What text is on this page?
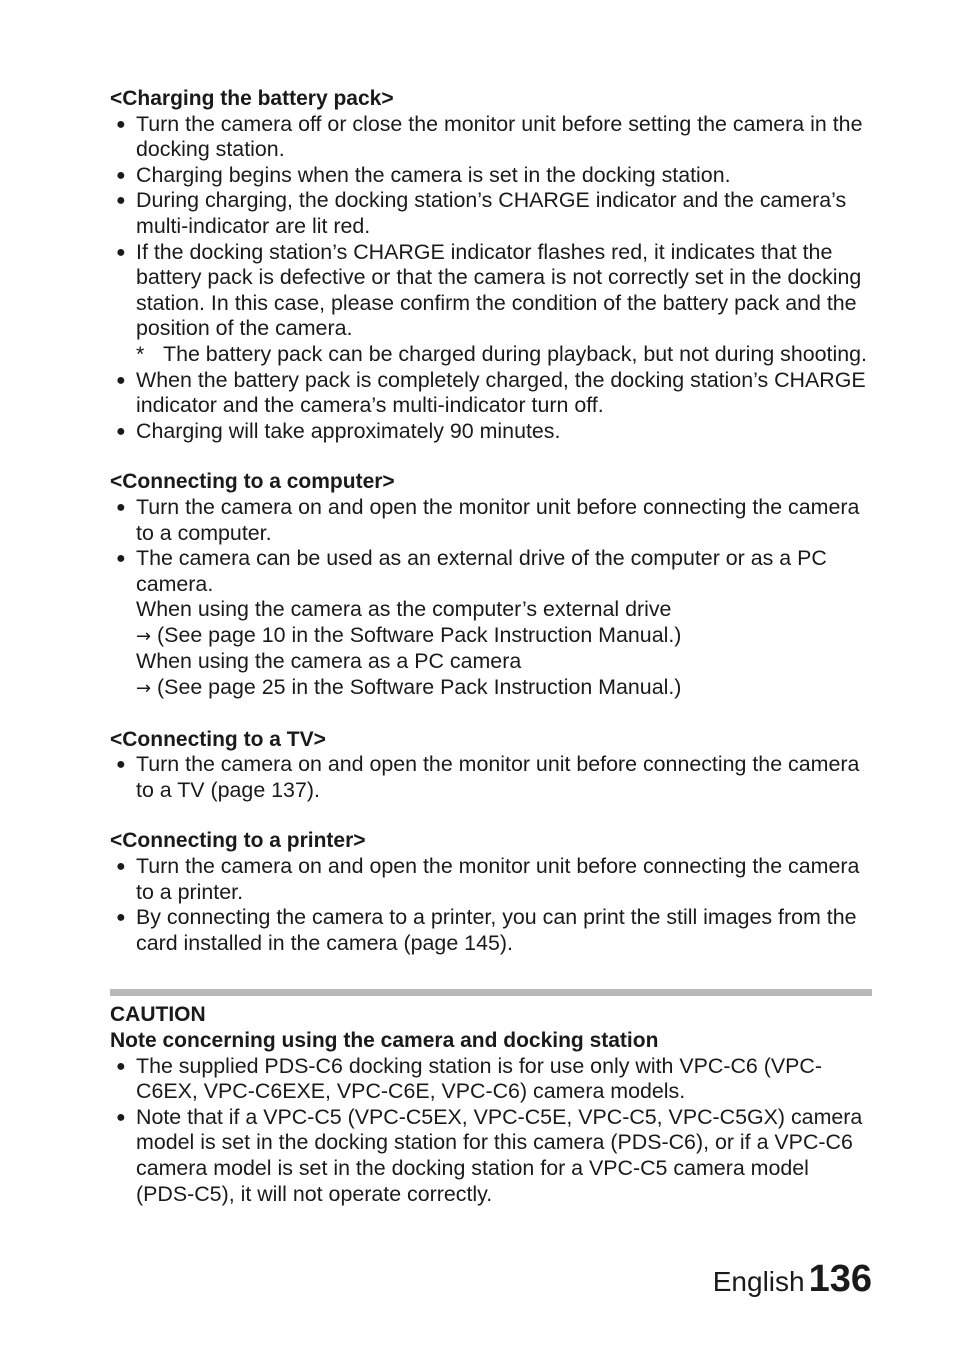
<Charging the battery pack>

● Turn the camera off or close the monitor unit before setting the camera in the docking station.
● Charging begins when the camera is set in the docking station.
● During charging, the docking station’s CHARGE indicator and the camera’s multi-indicator are lit red.
● If the docking station’s CHARGE indicator flashes red, it indicates that the battery pack is defective or that the camera is not correctly set in the docking station. In this case, please confirm the condition of the battery pack and the position of the camera.
* The battery pack can be charged during playback, but not during shooting.
● When the battery pack is completely charged, the docking station’s CHARGE indicator and the camera’s multi-indicator turn off.
● Charging will take approximately 90 minutes.

<Connecting to a computer>

● Turn the camera on and open the monitor unit before connecting the camera to a computer.
● The camera can be used as an external drive of the computer or as a PC camera.
When using the camera as the computer’s external drive
→ (See page 10 in the Software Pack Instruction Manual.)
When using the camera as a PC camera
→ (See page 25 in the Software Pack Instruction Manual.)

<Connecting to a TV>

● Turn the camera on and open the monitor unit before connecting the camera to a TV (page 137).

<Connecting to a printer>

● Turn the camera on and open the monitor unit before connecting the camera to a printer.
● By connecting the camera to a printer, you can print the still images from the card installed in the camera (page 145).

CAUTION

Note concerning using the camera and docking station

● The supplied PDS-C6 docking station is for use only with VPC-C6 (VPC-C6EX, VPC-C6EXE, VPC-C6E, VPC-C6) camera models.
● Note that if a VPC-C5 (VPC-C5EX, VPC-C5E, VPC-C5, VPC-C5GX) camera model is set in the docking station for this camera (PDS-C6), or if a VPC-C6 camera model is set in the docking station for a VPC-C5 camera model (PDS-C5), it will not operate correctly.
English 136
